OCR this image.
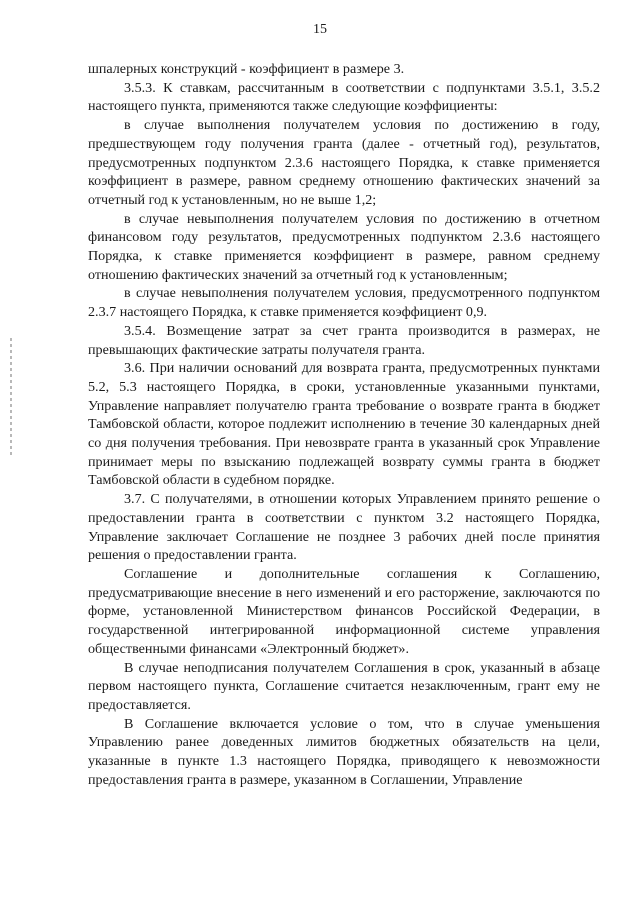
15

шпалерных конструкций - коэффициент в размере 3.

3.5.3. К ставкам, рассчитанным в соответствии с подпунктами 3.5.1, 3.5.2 настоящего пункта, применяются также следующие коэффициенты:

в случае выполнения получателем условия по достижению в году, предшествующем году получения гранта (далее - отчетный год), результатов, предусмотренных подпунктом 2.3.6 настоящего Порядка, к ставке применяется коэффициент в размере, равном среднему отношению фактических значений за отчетный год к установленным, но не выше 1,2;

в случае невыполнения получателем условия по достижению в отчетном финансовом году результатов, предусмотренных подпунктом 2.3.6 настоящего Порядка, к ставке применяется коэффициент в размере, равном среднему отношению фактических значений за отчетный год к установленным;

в случае невыполнения получателем условия, предусмотренного подпунктом 2.3.7 настоящего Порядка, к ставке применяется коэффициент 0,9.

3.5.4. Возмещение затрат за счет гранта производится в размерах, не превышающих фактические затраты получателя гранта.

3.6. При наличии оснований для возврата гранта, предусмотренных пунктами 5.2, 5.3 настоящего Порядка, в сроки, установленные указанными пунктами, Управление направляет получателю гранта требование о возврате гранта в бюджет Тамбовской области, которое подлежит исполнению в течение 30 календарных дней со дня получения требования. При невозврате гранта в указанный срок Управление принимает меры по взысканию подлежащей возврату суммы гранта в бюджет Тамбовской области в судебном порядке.

3.7. С получателями, в отношении которых Управлением принято решение о предоставлении гранта в соответствии с пунктом 3.2 настоящего Порядка, Управление заключает Соглашение не позднее 3 рабочих дней после принятия решения о предоставлении гранта.

Соглашение и дополнительные соглашения к Соглашению, предусматривающие внесение в него изменений и его расторжение, заключаются по форме, установленной Министерством финансов Российской Федерации, в государственной интегрированной информационной системе управления общественными финансами «Электронный бюджет».

В случае неподписания получателем Соглашения в срок, указанный в абзаце первом настоящего пункта, Соглашение считается незаключенным, грант ему не предоставляется.

В Соглашение включается условие о том, что в случае уменьшения Управлению ранее доведенных лимитов бюджетных обязательств на цели, указанные в пункте 1.3 настоящего Порядка, приводящего к невозможности предоставления гранта в размере, указанном в Соглашении, Управление
